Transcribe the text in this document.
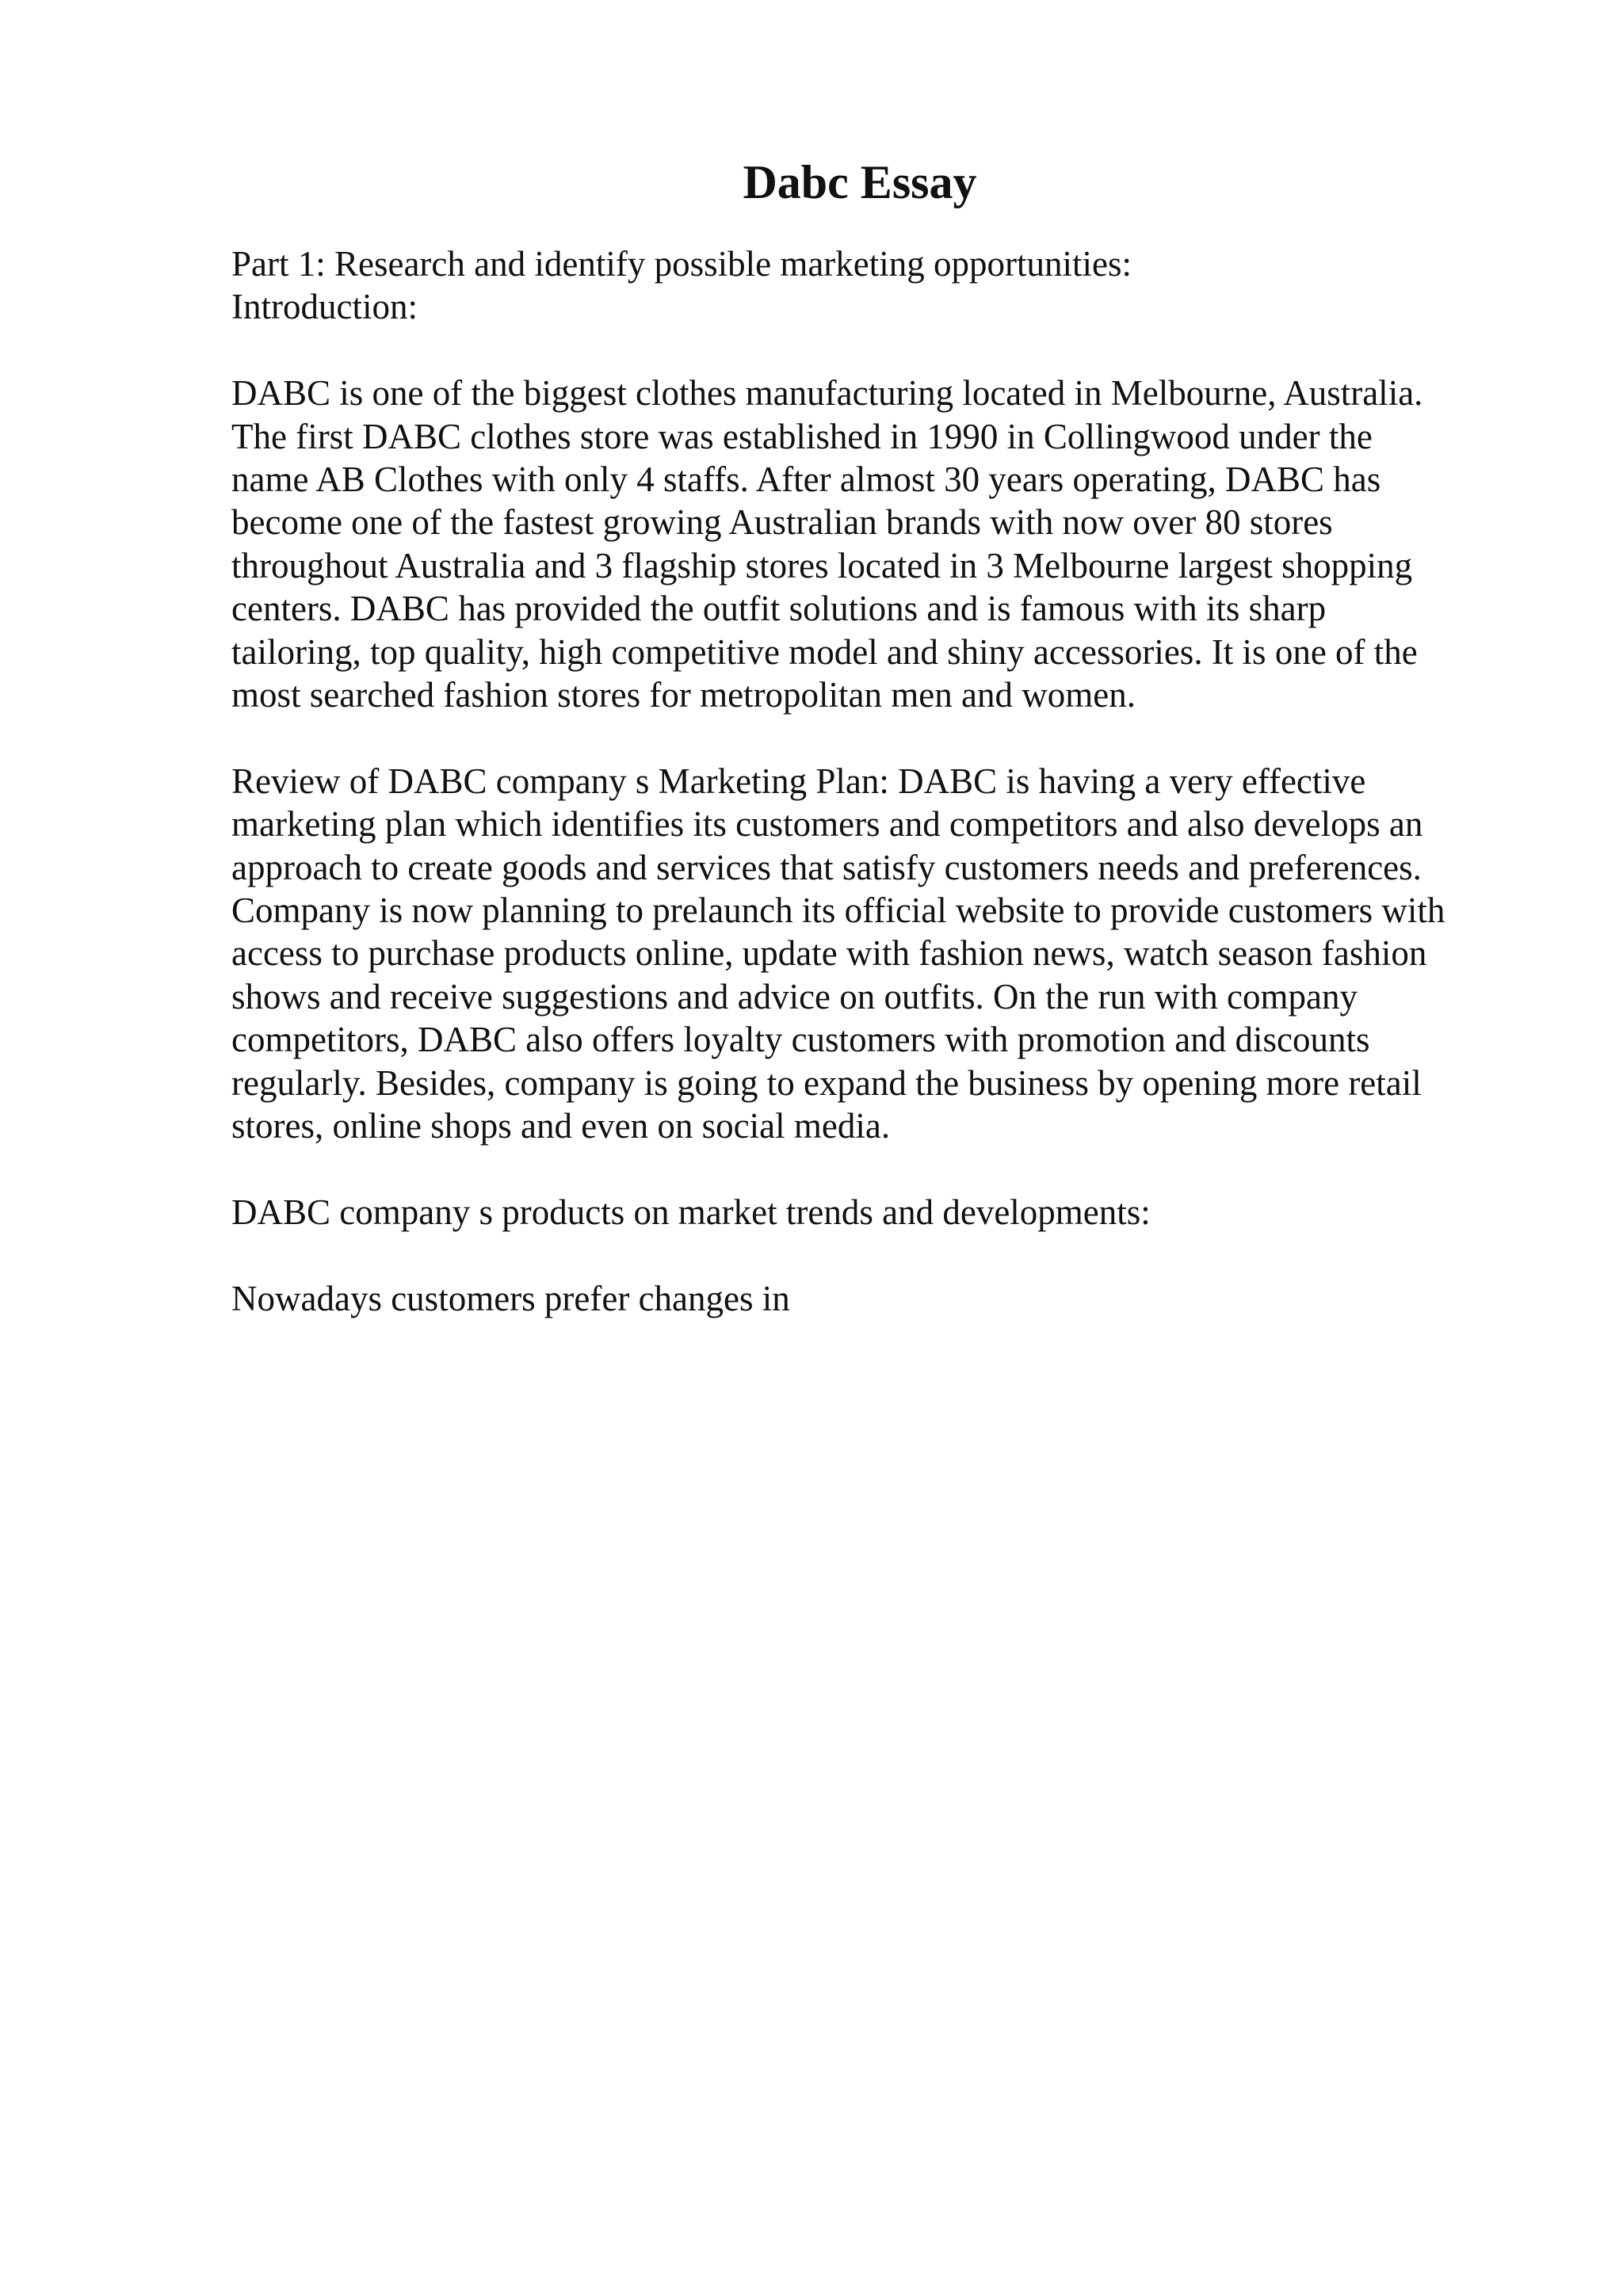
Dabc Essay
Part 1: Research and identify possible marketing opportunities:
Introduction:
DABC is one of the biggest clothes manufacturing located in Melbourne, Australia.
The first DABC clothes store was established in 1990 in Collingwood under the
name AB Clothes with only 4 staffs. After almost 30 years operating, DABC has
become one of the fastest growing Australian brands with now over 80 stores
throughout Australia and 3 flagship stores located in 3 Melbourne largest shopping
centers. DABC has provided the outfit solutions and is famous with its sharp
tailoring, top quality, high competitive model and shiny accessories. It is one of the
most searched fashion stores for metropolitan men and women.
Review of DABC company s Marketing Plan: DABC is having a very effective
marketing plan which identifies its customers and competitors and also develops an
approach to create goods and services that satisfy customers needs and preferences.
Company is now planning to prelaunch its official website to provide customers with
access to purchase products online, update with fashion news, watch season fashion
shows and receive suggestions and advice on outfits. On the run with company
competitors, DABC also offers loyalty customers with promotion and discounts
regularly. Besides, company is going to expand the business by opening more retail
stores, online shops and even on social media.
DABC company s products on market trends and developments:
Nowadays customers prefer changes in
